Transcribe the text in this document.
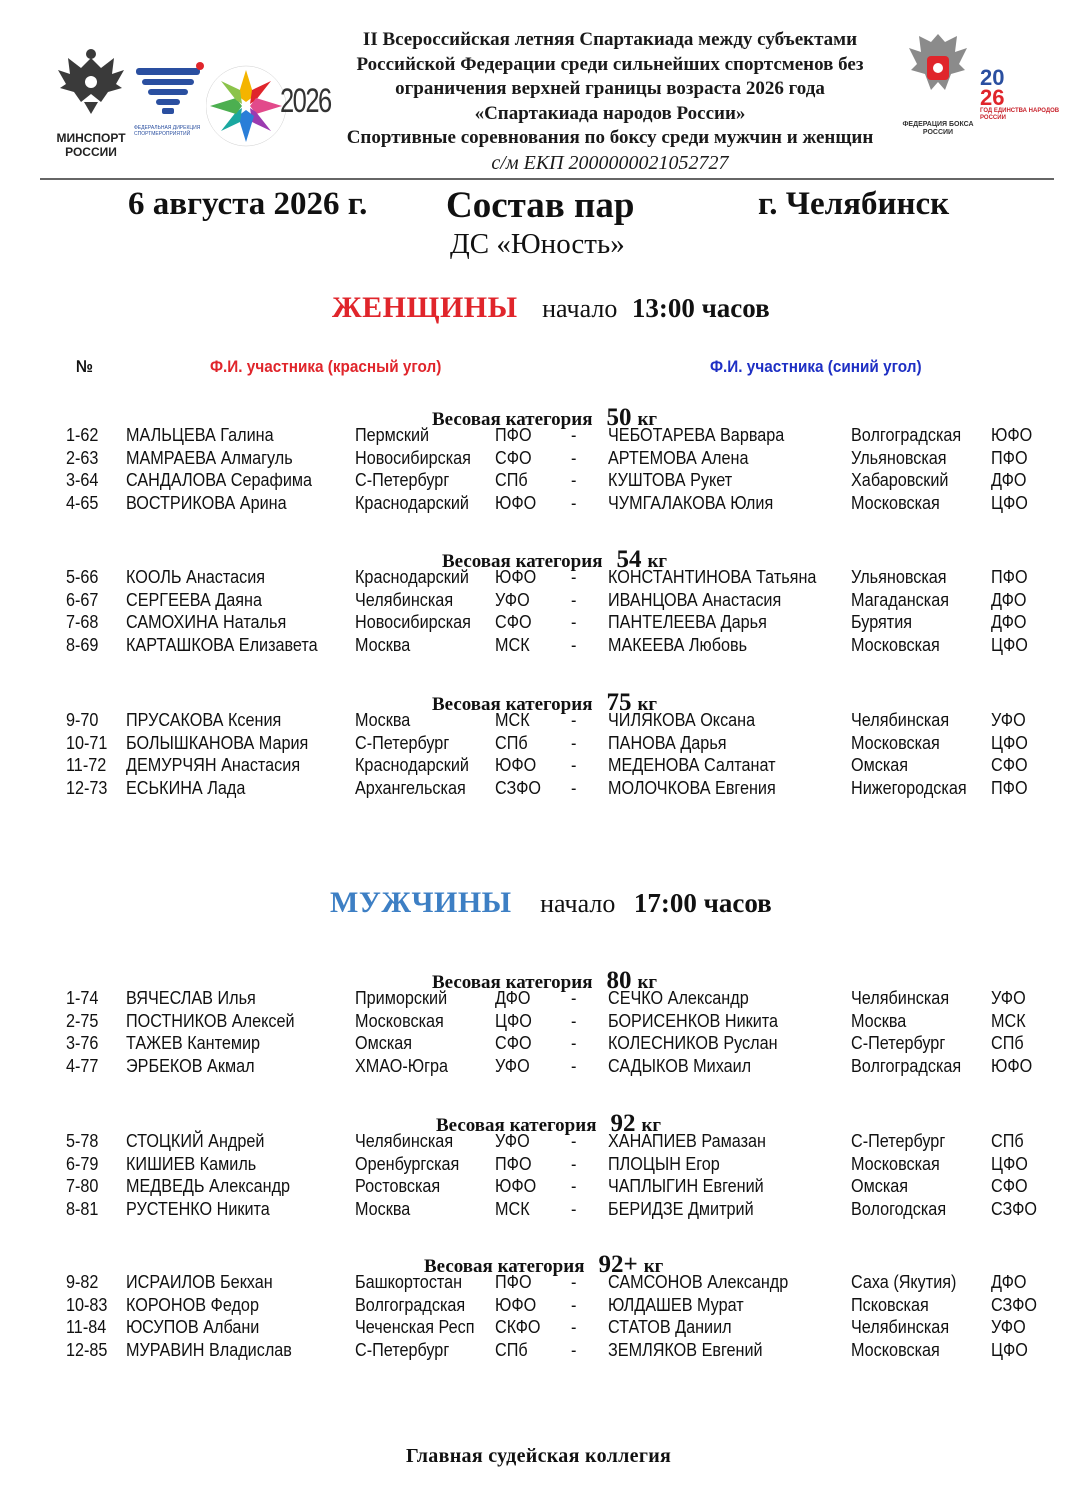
МИНСПОРТ РОССИИ
ФЕДЕРАЛЬНАЯ ДИРЕКЦИЯ СПОРТМЕРОПРИЯТИЙ
2026
ФЕДЕРАЦИЯ БОКСА РОССИИ
20
26
ГОД ЕДИНСТВА НАРОДОВ РОССИИ
II Всероссийская летняя Спартакиада между субъектами
Российской Федерации среди сильнейших спортсменов без
ограничения верхней границы возраста 2026 года
«Спартакиада народов России»
Спортивные соревнования по боксу среди мужчин и женщин
с/м ЕКП 2000000021052727
6 августа 2026 г. Состав пар	г. Челябинск
ДС «Юность»
ЖЕНЩИНЫ начало 13:00 часов
№	Ф.И. участника (красный угол)	Ф.И. участника (синий угол)
Весовая категория 50 кг
1-62 МАЛЬЦЕВА Галина	Пермский	ПФО - ЧЕБОТАРЕВА Варвара	Волгоградская ЮФО
2-63 МАМРАЕВА Алмагуль	Новосибирская СФО - АРТЕМОВА Алена	Ульяновская ПФО
3-64 САНДАЛОВА Серафима С-Петербург	СПб - КУШТОВА Рукет	Хабаровский ДФО
4-65 ВОСТРИКОВА Арина	Краснодарский ЮФО - ЧУМГАЛАКОВА Юлия	Московская	ЦФО
Весовая категория 54 кг
5-66 КООЛЬ Анастасия	Краснодарский ЮФО - КОНСТАНТИНОВА Татьяна Ульяновская ПФО
6-67 СЕРГЕЕВА Даяна	Челябинская УФО - ИВАНЦОВА Анастасия	Магаданская ДФО
7-68 САМОХИНА Наталья	Новосибирская СФО - ПАНТЕЛЕЕВА Дарья	Бурятия	ДФО
8-69 КАРТАШКОВА Елизавета Москва	МСК - МАКЕЕВА Любовь	Московская	ЦФО
Весовая категория 75 кг
9-70 ПРУСАКОВА Ксения	Москва	МСК - ЧИЛЯКОВА Оксана	Челябинская УФО
10-71 БОЛЫШКАНОВА Мария	С-Петербург	СПб - ПАНОВА Дарья	Московская	ЦФО
11-72 ДЕМУРЧЯН Анастасия	Краснодарский ЮФО - МЕДЕНОВА Салтанат	Омская	СФО
12-73 ЕСЬКИНА Лада	Архангельская СЗФО - МОЛОЧКОВА Евгения	Нижегородская ПФО
МУЖЧИНЫ начало 17:00 часов
Весовая категория 80 кг
1-74 ВЯЧЕСЛАВ Илья	Приморский	ДФО - СЕЧКО Александр	Челябинская УФО
2-75 ПОСТНИКОВ Алексей	Московская	ЦФО - БОРИСЕНКОВ Никита	Москва	МСК
3-76 ТАЖЕВ Кантемир	Омская	СФО - КОЛЕСНИКОВ Руслан	С-Петербург	СПб
4-77 ЭРБЕКОВ Акмал	ХМАО-Югра	УФО - САДЫКОВ Михаил	Волгоградская ЮФО
Весовая категория 92 кг
5-78 СТОЦКИЙ Андрей	Челябинская УФО - ХАНАПИЕВ Рамазан	С-Петербург	СПб
6-79 КИШИЕВ Камиль	Оренбургская ПФО - ПЛОЦЫН Егор	Московская	ЦФО
7-80 МЕДВЕДЬ Александр	Ростовская	ЮФО - ЧАПЛЫГИН Евгений	Омская	СФО
8-81 РУСТЕНКО Никита	Москва	МСК - БЕРИДЗЕ Дмитрий	Вологодская СЗФО
Весовая категория 92+ кг
9-82 ИСРАИЛОВ Бекхан	Башкортостан ПФО - САМСОНОВ Александр	Саха (Якутия) ДФО
10-83 КОРОНОВ Федор	Волгоградская ЮФО - ЮЛДАШЕВ Мурат	Псковская	СЗФО
11-84 ЮСУПОВ Албани	Чеченская Респ СКФО - СТАТОВ Даниил	Челябинская УФО
12-85 МУРАВИН Владислав	С-Петербург	СПб - ЗЕМЛЯКОВ Евгений	Московская	ЦФО
Главная судейская коллегия
